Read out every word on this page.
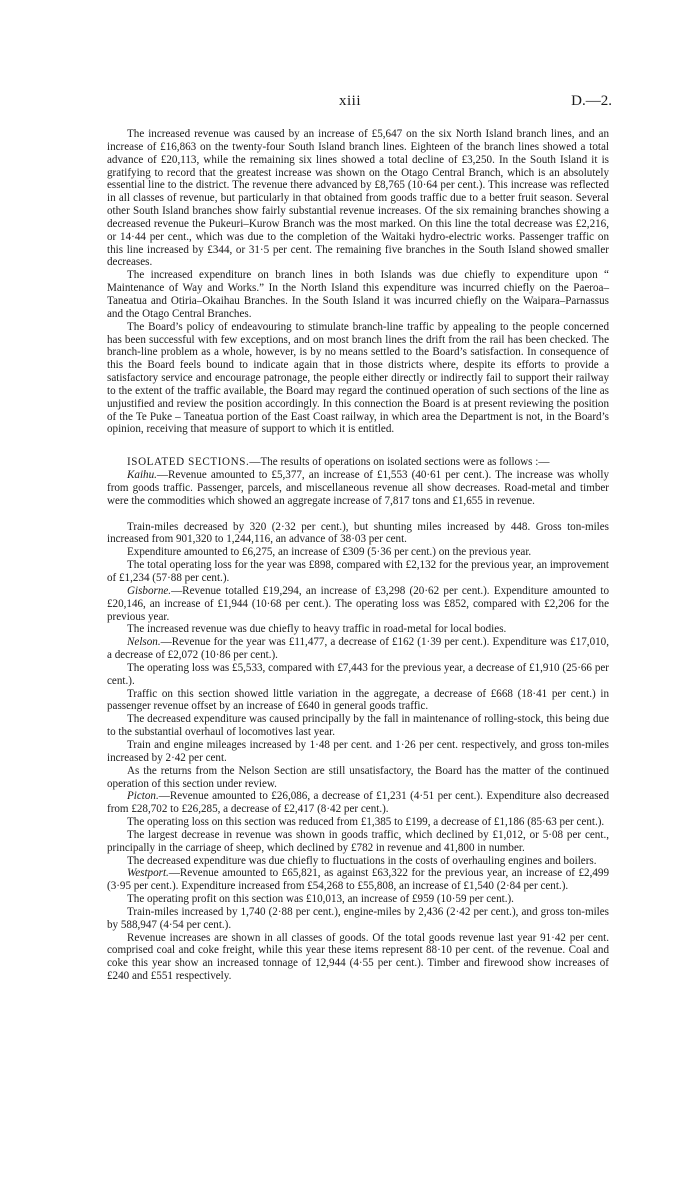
xiii	D.—2.

The increased revenue was caused by an increase of £5,647 on the six North Island branch lines, and an increase of £16,863 on the twenty-four South Island branch lines. Eighteen of the branch lines showed a total advance of £20,113, while the remaining six lines showed a total decline of £3,250. In the South Island it is gratifying to record that the greatest increase was shown on the Otago Central Branch, which is an absolutely essential line to the district. The revenue there advanced by £8,765 (10·64 per cent.). This increase was reflected in all classes of revenue, but particularly in that obtained from goods traffic due to a better fruit season. Several other South Island branches show fairly substantial revenue increases. Of the six remaining branches showing a decreased revenue the Pukeuri–Kurow Branch was the most marked. On this line the total decrease was £2,216, or 14·44 per cent., which was due to the completion of the Waitaki hydro-electric works. Passenger traffic on this line increased by £344, or 31·5 per cent. The remaining five branches in the South Island showed smaller decreases.

The increased expenditure on branch lines in both Islands was due chiefly to expenditure upon “ Maintenance of Way and Works.” In the North Island this expenditure was incurred chiefly on the Paeroa–Taneatua and Otiria–Okaihau Branches. In the South Island it was incurred chiefly on the Waipara–Parnassus and the Otago Central Branches.

The Board’s policy of endeavouring to stimulate branch-line traffic by appealing to the people concerned has been successful with few exceptions, and on most branch lines the drift from the rail has been checked. The branch-line problem as a whole, however, is by no means settled to the Board’s satisfaction. In consequence of this the Board feels bound to indicate again that in those districts where, despite its efforts to provide a satisfactory service and encourage patronage, the people either directly or indirectly fail to support their railway to the extent of the traffic available, the Board may regard the continued operation of such sections of the line as unjustified and review the position accordingly. In this connection the Board is at present reviewing the position of the Te Puke – Taneatua portion of the East Coast railway, in which area the Department is not, in the Board’s opinion, receiving that measure of support to which it is entitled.

ISOLATED SECTIONS.—The results of operations on isolated sections were as follows :—

Kaihu.—Revenue amounted to £5,377, an increase of £1,553 (40·61 per cent.). The increase was wholly from goods traffic. Passenger, parcels, and miscellaneous revenue all show decreases. Road-metal and timber were the commodities which showed an aggregate increase of 7,817 tons and £1,655 in revenue.

Train-miles decreased by 320 (2·32 per cent.), but shunting miles increased by 448. Gross ton-miles increased from 901,320 to 1,244,116, an advance of 38·03 per cent.

Expenditure amounted to £6,275, an increase of £309 (5·36 per cent.) on the previous year.

The total operating loss for the year was £898, compared with £2,132 for the previous year, an improvement of £1,234 (57·88 per cent.).

Gisborne.—Revenue totalled £19,294, an increase of £3,298 (20·62 per cent.). Expenditure amounted to £20,146, an increase of £1,944 (10·68 per cent.). The operating loss was £852, compared with £2,206 for the previous year.

The increased revenue was due chiefly to heavy traffic in road-metal for local bodies.

Nelson.—Revenue for the year was £11,477, a decrease of £162 (1·39 per cent.). Expenditure was £17,010, a decrease of £2,072 (10·86 per cent.).

The operating loss was £5,533, compared with £7,443 for the previous year, a decrease of £1,910 (25·66 per cent.).

Traffic on this section showed little variation in the aggregate, a decrease of £668 (18·41 per cent.) in passenger revenue offset by an increase of £640 in general goods traffic.

The decreased expenditure was caused principally by the fall in maintenance of rolling-stock, this being due to the substantial overhaul of locomotives last year.

Train and engine mileages increased by 1·48 per cent. and 1·26 per cent. respectively, and gross ton-miles increased by 2·42 per cent.

As the returns from the Nelson Section are still unsatisfactory, the Board has the matter of the continued operation of this section under review.

Picton.—Revenue amounted to £26,086, a decrease of £1,231 (4·51 per cent.). Expenditure also decreased from £28,702 to £26,285, a decrease of £2,417 (8·42 per cent.).

The operating loss on this section was reduced from £1,385 to £199, a decrease of £1,186 (85·63 per cent.).

The largest decrease in revenue was shown in goods traffic, which declined by £1,012, or 5·08 per cent., principally in the carriage of sheep, which declined by £782 in revenue and 41,800 in number.

The decreased expenditure was due chiefly to fluctuations in the costs of overhauling engines and boilers.

Westport.—Revenue amounted to £65,821, as against £63,322 for the previous year, an increase of £2,499 (3·95 per cent.). Expenditure increased from £54,268 to £55,808, an increase of £1,540 (2·84 per cent.).

The operating profit on this section was £10,013, an increase of £959 (10·59 per cent.).

Train-miles increased by 1,740 (2·88 per cent.), engine-miles by 2,436 (2·42 per cent.), and gross ton-miles by 588,947 (4·54 per cent.).

Revenue increases are shown in all classes of goods. Of the total goods revenue last year 91·42 per cent. comprised coal and coke freight, while this year these items represent 88·10 per cent. of the revenue. Coal and coke this year show an increased tonnage of 12,944 (4·55 per cent.). Timber and firewood show increases of £240 and £551 respectively.
